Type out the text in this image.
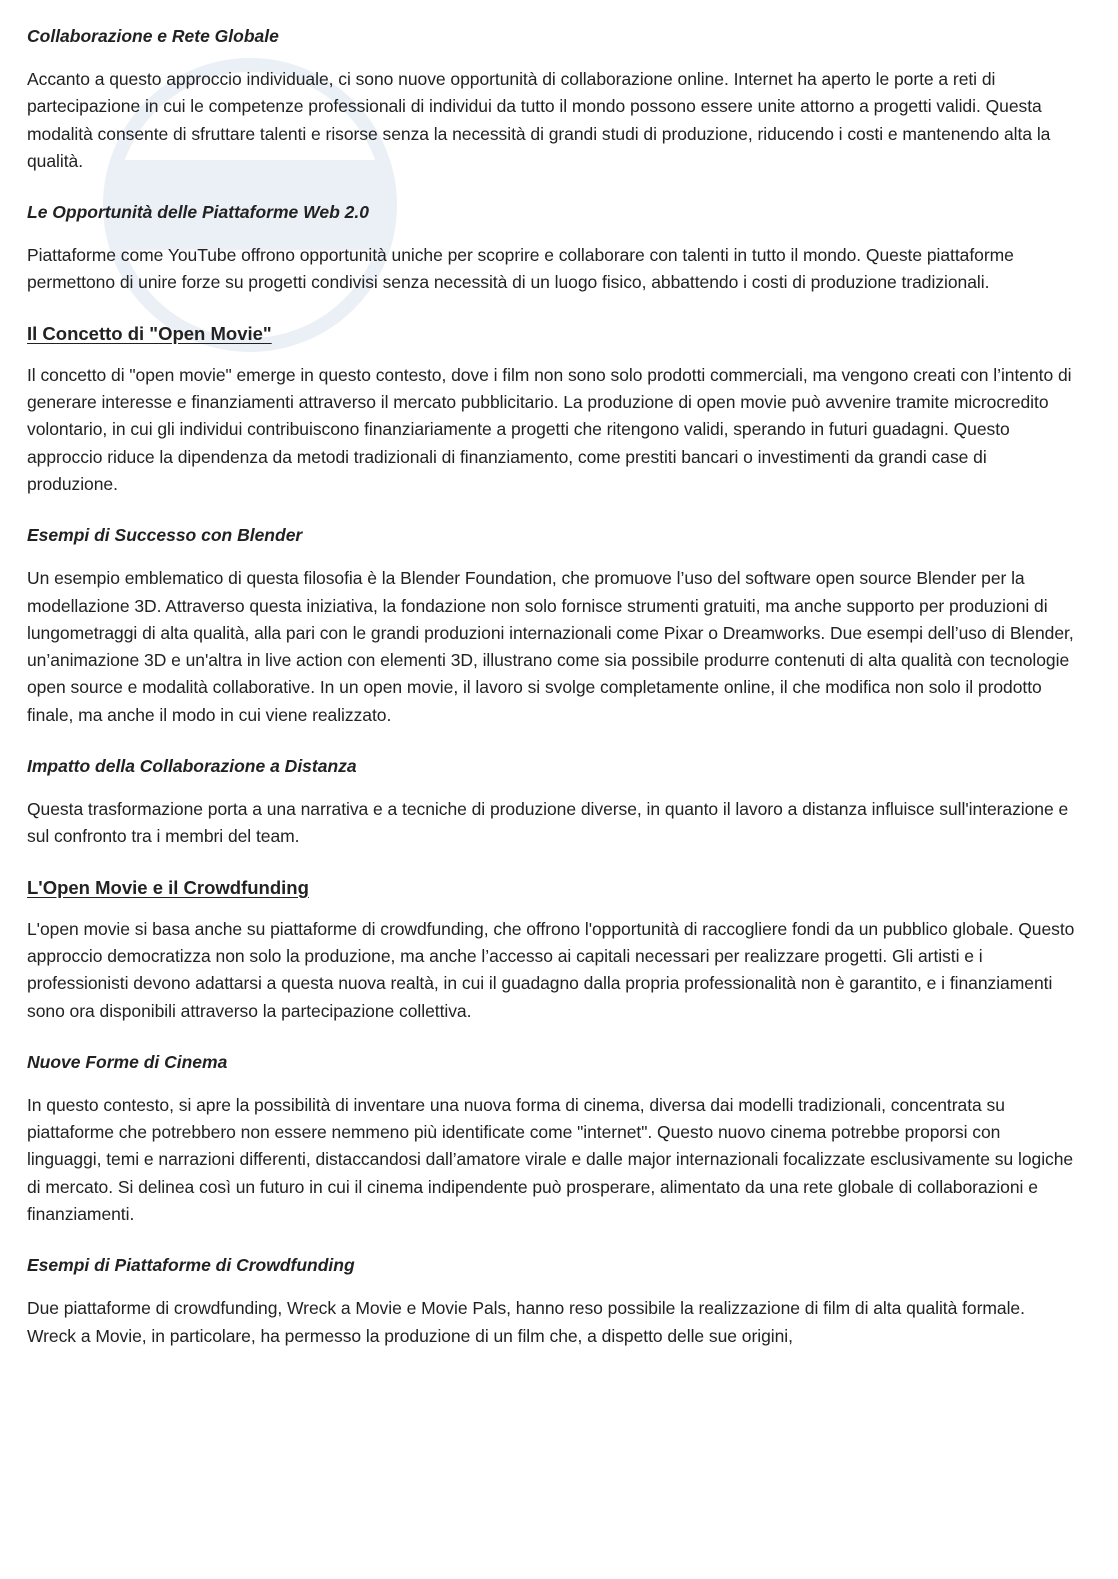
Collaborazione e Rete Globale

Accanto a questo approccio individuale, ci sono nuove opportunità di collaborazione online. Internet ha aperto le porte a reti di partecipazione in cui le competenze professionali di individui da tutto il mondo possono essere unite attorno a progetti validi. Questa modalità consente di sfruttare talenti e risorse senza la necessità di grandi studi di produzione, riducendo i costi e mantenendo alta la qualità.

Le Opportunità delle Piattaforme Web 2.0

Piattaforme come YouTube offrono opportunità uniche per scoprire e collaborare con talenti in tutto il mondo. Queste piattaforme permettono di unire forze su progetti condivisi senza necessità di un luogo fisico, abbattendo i costi di produzione tradizionali.

Il Concetto di "Open Movie"

Il concetto di "open movie" emerge in questo contesto, dove i film non sono solo prodotti commerciali, ma vengono creati con l’intento di generare interesse e finanziamenti attraverso il mercato pubblicitario. La produzione di open movie può avvenire tramite microcredito volontario, in cui gli individui contribuiscono finanziariamente a progetti che ritengono validi, sperando in futuri guadagni. Questo approccio riduce la dipendenza da metodi tradizionali di finanziamento, come prestiti bancari o investimenti da grandi case di produzione.

Esempi di Successo con Blender

Un esempio emblematico di questa filosofia è la Blender Foundation, che promuove l’uso del software open source Blender per la modellazione 3D. Attraverso questa iniziativa, la fondazione non solo fornisce strumenti gratuiti, ma anche supporto per produzioni di lungometraggi di alta qualità, alla pari con le grandi produzioni internazionali come Pixar o Dreamworks. Due esempi dell’uso di Blender, un’animazione 3D e un'altra in live action con elementi 3D, illustrano come sia possibile produrre contenuti di alta qualità con tecnologie open source e modalità collaborative. In un open movie, il lavoro si svolge completamente online, il che modifica non solo il prodotto finale, ma anche il modo in cui viene realizzato.

Impatto della Collaborazione a Distanza

Questa trasformazione porta a una narrativa e a tecniche di produzione diverse, in quanto il lavoro a distanza influisce sull'interazione e sul confronto tra i membri del team.

L'Open Movie e il Crowdfunding

L'open movie si basa anche su piattaforme di crowdfunding, che offrono l'opportunità di raccogliere fondi da un pubblico globale. Questo approccio democratizza non solo la produzione, ma anche l’accesso ai capitali necessari per realizzare progetti. Gli artisti e i professionisti devono adattarsi a questa nuova realtà, in cui il guadagno dalla propria professionalità non è garantito, e i finanziamenti sono ora disponibili attraverso la partecipazione collettiva.

Nuove Forme di Cinema

In questo contesto, si apre la possibilità di inventare una nuova forma di cinema, diversa dai modelli tradizionali, concentrata su piattaforme che potrebbero non essere nemmeno più identificate come "internet". Questo nuovo cinema potrebbe proporsi con linguaggi, temi e narrazioni differenti, distaccandosi dall’amatore virale e dalle major internazionali focalizzate esclusivamente su logiche di mercato. Si delinea così un futuro in cui il cinema indipendente può prosperare, alimentato da una rete globale di collaborazioni e finanziamenti.

Esempi di Piattaforme di Crowdfunding

Due piattaforme di crowdfunding, Wreck a Movie e Movie Pals, hanno reso possibile la realizzazione di film di alta qualità formale. Wreck a Movie, in particolare, ha permesso la produzione di un film che, a dispetto delle sue origini,
